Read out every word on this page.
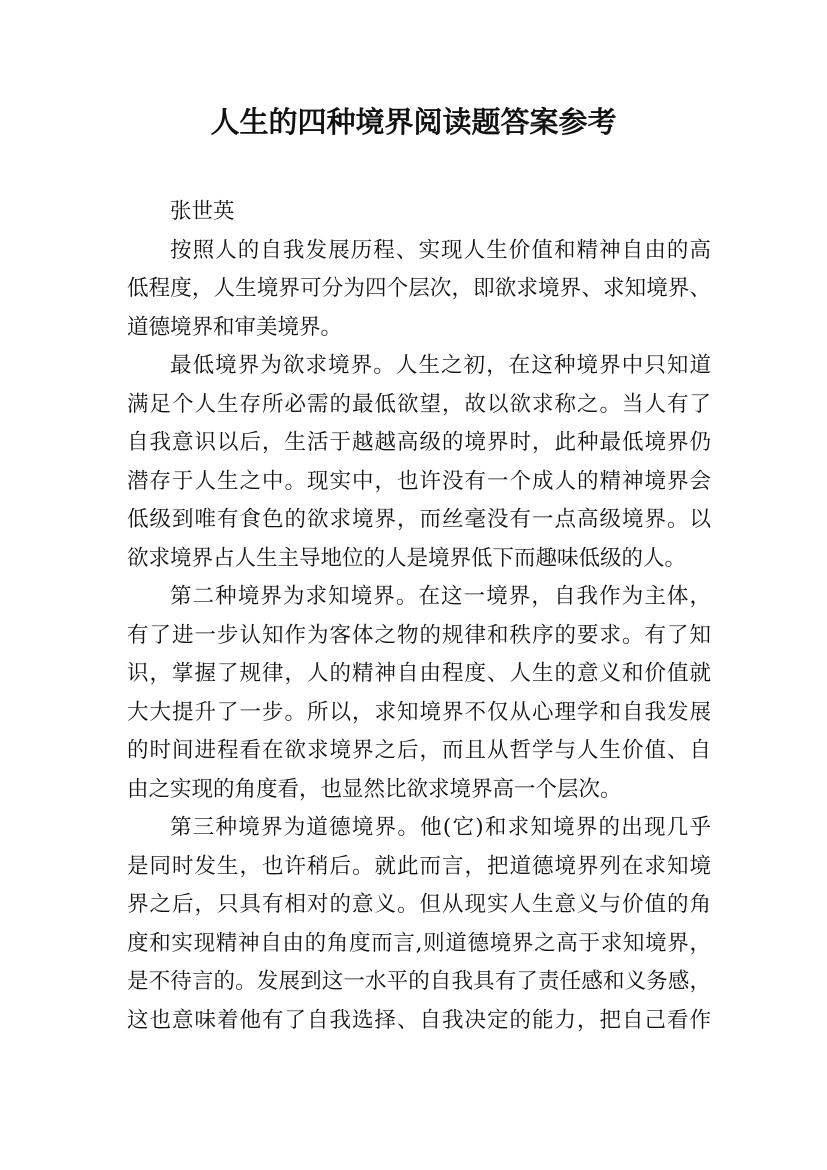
人生的四种境界阅读题答案参考
张世英
按照人的自我发展历程、实现人生价值和精神自由的高
低程度，人生境界可分为四个层次，即欲求境界、求知境界、
道德境界和审美境界。
最低境界为欲求境界。人生之初，在这种境界中只知道
满足个人生存所必需的最低欲望，故以欲求称之。当人有了
自我意识以后，生活于越越高级的境界时，此种最低境界仍
潜存于人生之中。现实中，也许没有一个成人的精神境界会
低级到唯有食色的欲求境界，而丝毫没有一点高级境界。以
欲求境界占人生主导地位的人是境界低下而趣味低级的人。
第二种境界为求知境界。在这一境界，自我作为主体，
有了进一步认知作为客体之物的规律和秩序的要求。有了知
识，掌握了规律，人的精神自由程度、人生的意义和价值就
大大提升了一步。所以，求知境界不仅从心理学和自我发展
的时间进程看在欲求境界之后，而且从哲学与人生价值、自
由之实现的角度看，也显然比欲求境界高一个层次。
第三种境界为道德境界。他(它)和求知境界的出现几乎
是同时发生，也许稍后。就此而言，把道德境界列在求知境
界之后，只具有相对的意义。但从现实人生意义与价值的角
度和实现精神自由的角度而言,则道德境界之高于求知境界，
是不待言的。发展到这一水平的自我具有了责任感和义务感，
这也意味着他有了自我选择、自我决定的能力，把自己看作
